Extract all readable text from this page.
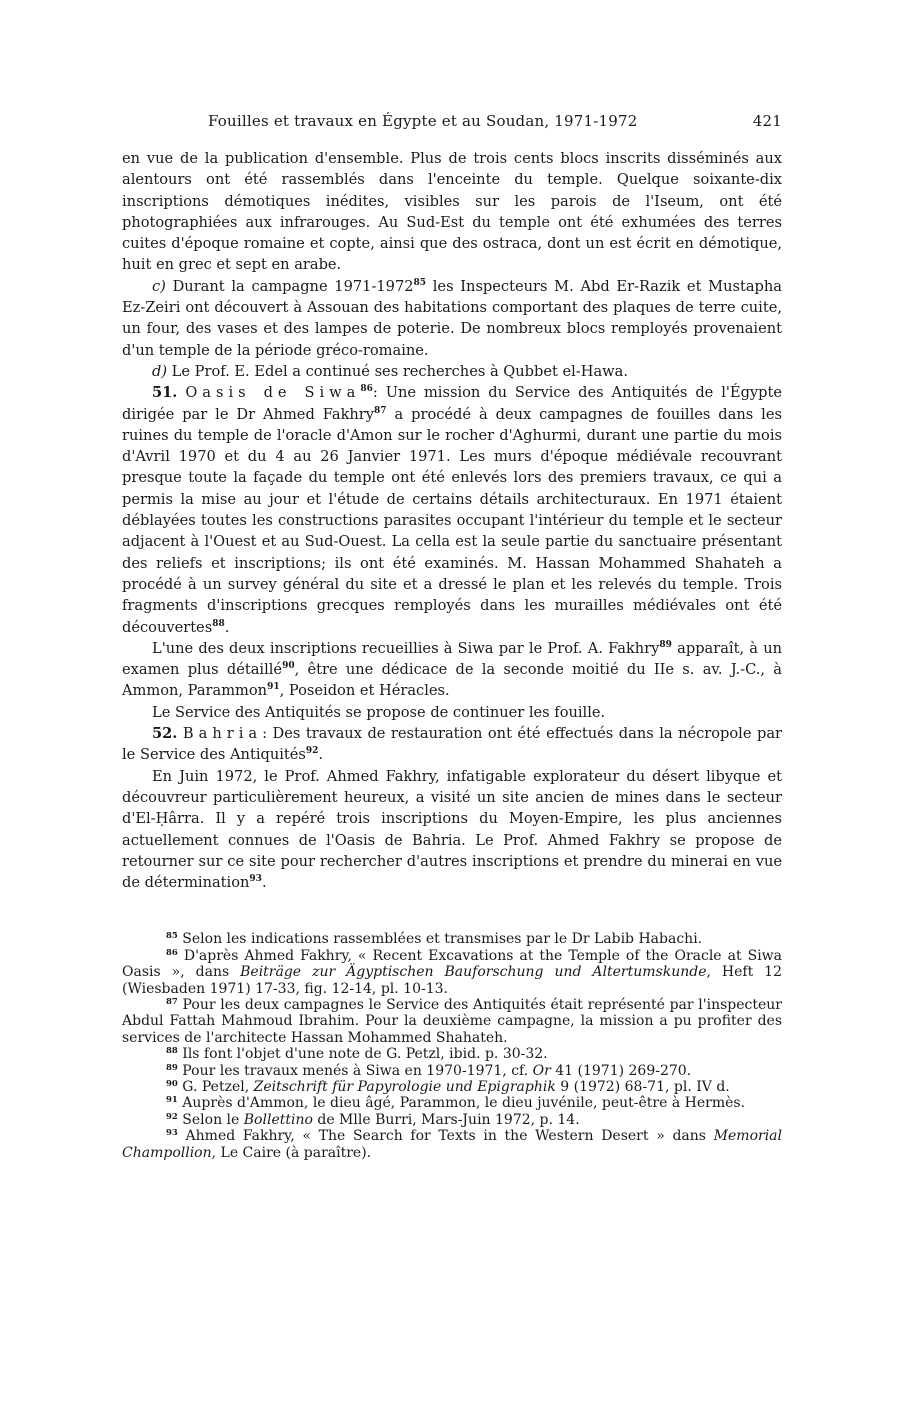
Fouilles et travaux en Égypte et au Soudan, 1971-1972	421

en vue de la publication d'ensemble. Plus de trois cents blocs inscrits disséminés aux alentours ont été rassemblés dans l'enceinte du temple. Quelque soixante-dix inscriptions démotiques inédites, visibles sur les parois de l'Iseum, ont été photographiées aux infrarouges. Au Sud-Est du temple ont été exhumées des terres cuites d'époque romaine et copte, ainsi que des ostraca, dont un est écrit en démotique, huit en grec et sept en arabe.

c) Durant la campagne 1971-1972$^{85}$ les Inspecteurs M. Abd Er-Razik et Mustapha Ez-Zeiri ont découvert à Assouan des habitations comportant des plaques de terre cuite, un four, des vases et des lampes de poterie. De nombreux blocs remployés provenaient d'un temple de la période gréco-romaine.

d) Le Prof. E. Edel a continué ses recherches à Qubbet el-Hawa.

51. Oasis de Siwa$^{86}$: Une mission du Service des Antiquités de l'Égypte dirigée par le Dr Ahmed Fakhry$^{87}$ a procédé à deux campagnes de fouilles dans les ruines du temple de l'oracle d'Amon sur le rocher d'Aghurmi, durant une partie du mois d'Avril 1970 et du 4 au 26 Janvier 1971. Les murs d'époque médiévale recouvrant presque toute la façade du temple ont été enlevés lors des premiers travaux, ce qui a permis la mise au jour et l'étude de certains détails architecturaux. En 1971 étaient déblayées toutes les constructions parasites occupant l'intérieur du temple et le secteur adjacent à l'Ouest et au Sud-Ouest. La cella est la seule partie du sanctuaire présentant des reliefs et inscriptions; ils ont été examinés. M. Hassan Mohammed Shahateh a procédé à un survey général du site et a dressé le plan et les relevés du temple. Trois fragments d'inscriptions grecques remployés dans les murailles médiévales ont été découvertes$^{88}$.

L'une des deux inscriptions recueillies à Siwa par le Prof. A. Fakhry$^{89}$ apparaît, à un examen plus détaillé$^{90}$, être une dédicace de la seconde moitié du IIe s. av. J.-C., à Ammon, Parammon$^{91}$, Poseidon et Héracles.

Le Service des Antiquités se propose de continuer les fouille.

52. Bahria: Des travaux de restauration ont été effectués dans la nécropole par le Service des Antiquités$^{92}$.

En Juin 1972, le Prof. Ahmed Fakhry, infatigable explorateur du désert libyque et découvreur particulièrement heureux, a visité un site ancien de mines dans le secteur d'El-Ḥârra. Il y a repéré trois inscriptions du Moyen-Empire, les plus anciennes actuellement connues de l'Oasis de Bahria. Le Prof. Ahmed Fakhry se propose de retourner sur ce site pour rechercher d'autres inscriptions et prendre du minerai en vue de détermination$^{93}$.

$^{85}$ Selon les indications rassemblées et transmises par le Dr Labib Habachi.

$^{86}$ D'après Ahmed Fakhry, « Recent Excavations at the Temple of the Oracle at Siwa Oasis », dans Beiträge zur Ägyptischen Bauforschung und Altertumskunde, Heft 12 (Wiesbaden 1971) 17-33, fig. 12-14, pl. 10-13.

$^{87}$ Pour les deux campagnes le Service des Antiquités était représenté par l'inspecteur Abdul Fattah Mahmoud Ibrahim. Pour la deuxième campagne, la mission a pu profiter des services de l'architecte Hassan Mohammed Shahateh.

$^{88}$ Ils font l'objet d'une note de G. Petzl, ibid. p. 30-32.

$^{89}$ Pour les travaux menés à Siwa en 1970-1971, cf. Or 41 (1971) 269-270.

$^{90}$ G. Petzel, Zeitschrift für Papyrologie und Epigraphik 9 (1972) 68-71, pl. IV d.

$^{91}$ Auprès d'Ammon, le dieu âgé, Parammon, le dieu juvénile, peut-être à Hermès.

$^{92}$ Selon le Bollettino de Mlle Burri, Mars-Juin 1972, p. 14.

$^{93}$ Ahmed Fakhry, « The Search for Texts in the Western Desert » dans Memorial Champollion, Le Caire (à paraître).
